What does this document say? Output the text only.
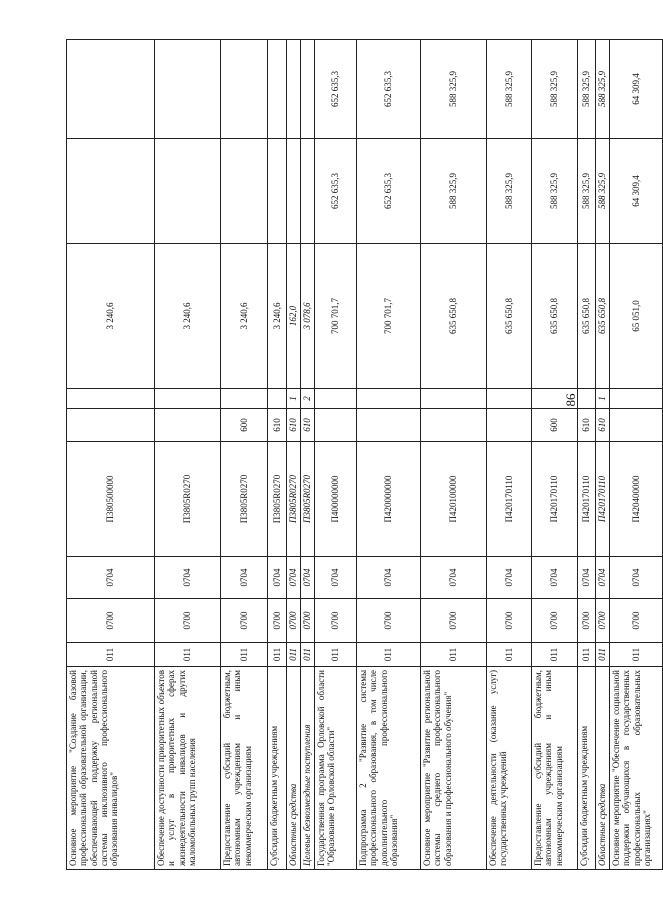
86
Основное мероприятие "Создание базовой профессиональной образовательной организации, обеспечивающей поддержку региональной системы инклюзивного профессионального образования инвалидов"	011	0700	0704	П380500000			3 240,6		
Обеспечение доступности приоритетных объектов и услуг в приоритетных сферах жизнедеятельности инвалидов и других маломобильных групп населения	011	0700	0704	П3805R0270			3 240,6		
Предоставление субсидий бюджетным, автономным учреждениям и иным некоммерческим организациям	011	0700	0704	П3805R0270	600		3 240,6		
Субсидии бюджетным учреждениям	011	0700	0704	П3805R0270	610		3 240,6		
Областные средства	011	0700	0704	П3805R0270	610	1	162,0		
Целевые безвозмездные поступления	011	0700	0704	П3805R0270	610	2	3 078,6		
Государственная программа Орловской области "Образование в Орловской области"	011	0700	0704	П400000000			700 701,7	652 635,3	652 635,3
Подпрограмма 2 "Развитие системы профессионального образования, в том числе дополнительного профессионального образования"	011	0700	0704	П420000000			700 701,7	652 635,3	652 635,3
Основное мероприятие "Развитие региональной системы среднего профессионального образования и профессионального обучения"	011	0700	0704	П420100000			635 650,8	588 325,9	588 325,9
Обеспечение деятельности (оказание услуг) государственных учреждений	011	0700	0704	П420170110			635 650,8	588 325,9	588 325,9
Предоставление субсидий бюджетным, автономным учреждениям и иным некоммерческим организациям	011	0700	0704	П420170110	600		635 650,8	588 325,9	588 325,9
Субсидии бюджетным учреждениям	011	0700	0704	П420170110	610		635 650,8	588 325,9	588 325,9
Областные средства	011	0700	0704	П420170110	610	1	635 650,8	588 325,9	588 325,9
Основное мероприятие "Обеспечение социальной поддержки обучающихся в государственных профессиональных образовательных организациях"	011	0700	0704	П420400000			65 051,0	64 309,4	64 309,4
